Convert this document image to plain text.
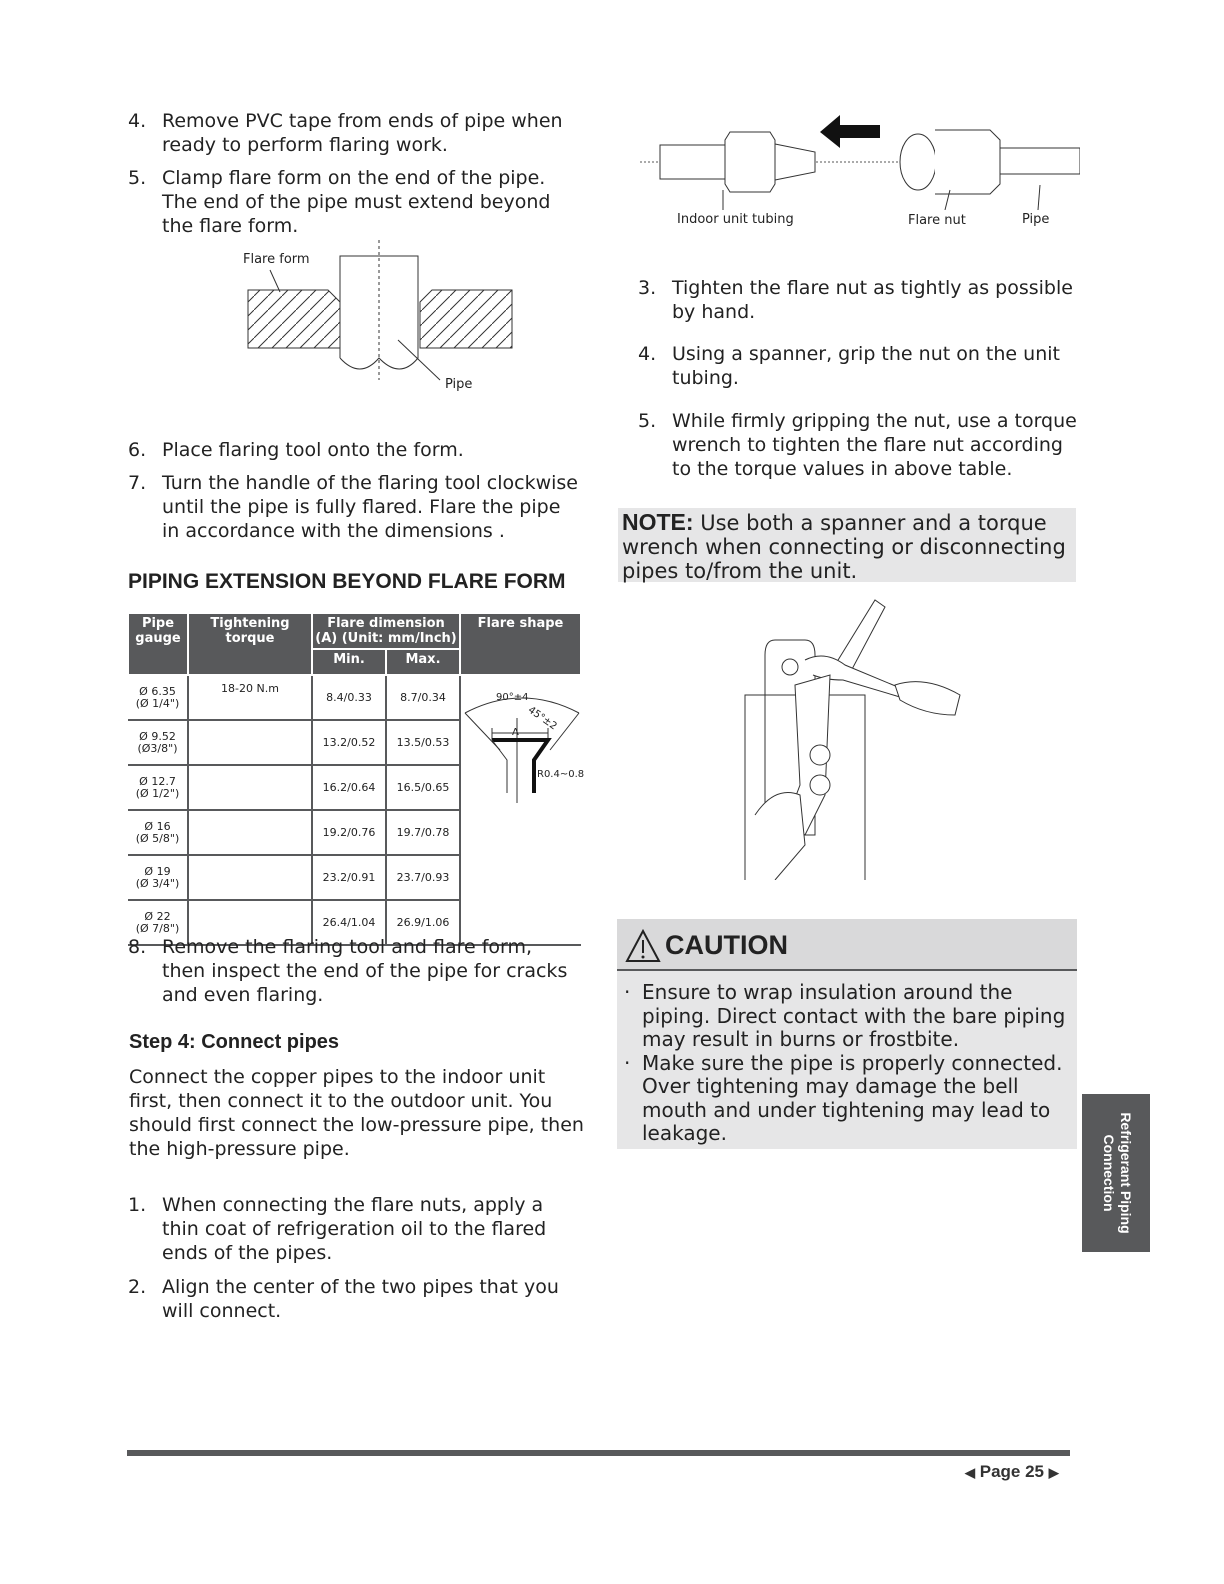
4. Remove PVC tape from ends of pipe when ready to perform flaring work.
5. Clamp flare form on the end of the pipe. The end of the pipe must extend beyond the flare form.
Flare form
Pipe
6. Place flaring tool onto the form.
7. Turn the handle of the flaring tool clockwise until the pipe is fully flared. Flare the pipe in accordance with the dimensions .
PIPING EXTENSION BEYOND FLARE FORM
Pipe gauge	Tightening torque	Flare dimension (A) (Unit: mm/Inch)		Flare shape
		Min.	Max.	

Ø 6.35
(Ø 1/4")	18-20 N.m	8.4/0.33	8.7/0.34	

Ø 9.52
(Ø3/8")		13.2/0.52	13.5/0.53	

Ø 12.7
(Ø 1/2")		16.2/0.64	16.5/0.65	

Ø 16
(Ø 5/8")		19.2/0.76	19.7/0.78	

Ø 19
(Ø 3/4")		23.2/0.91	23.7/0.93	

Ø 22
(Ø 7/8")		26.4/1.04	26.9/1.06	
90°±4
45°±2
A
R0.4~0.8
8. Remove the flaring tool and flare form, then inspect the end of the pipe for cracks and even flaring.
Step 4: Connect pipes
Connect the copper pipes to the indoor unit first, then connect it to the outdoor unit. You should first connect the low-pressure pipe, then the high-pressure pipe.
1. When connecting the flare nuts, apply a thin coat of refrigeration oil to the flared ends of the pipes.
2. Align the center of the two pipes that you will connect.
Indoor unit tubing	Flare nut	Pipe
3. Tighten the flare nut as tightly as possible by hand.
4. Using a spanner, grip the nut on the unit tubing.
5. While firmly gripping the nut, use a torque wrench to tighten the flare nut according to the torque values in above table.
NOTE: Use both a spanner and a torque wrench when connecting or disconnecting pipes to/from the unit.
CAUTION
· Ensure to wrap insulation around the piping. Direct contact with the bare piping may result in burns or frostbite.
· Make sure the pipe is properly connected. Over tightening may damage the bell mouth and under tightening may lead to leakage.	Refrigerant Piping
Connection
◀ Page 25 ▶
